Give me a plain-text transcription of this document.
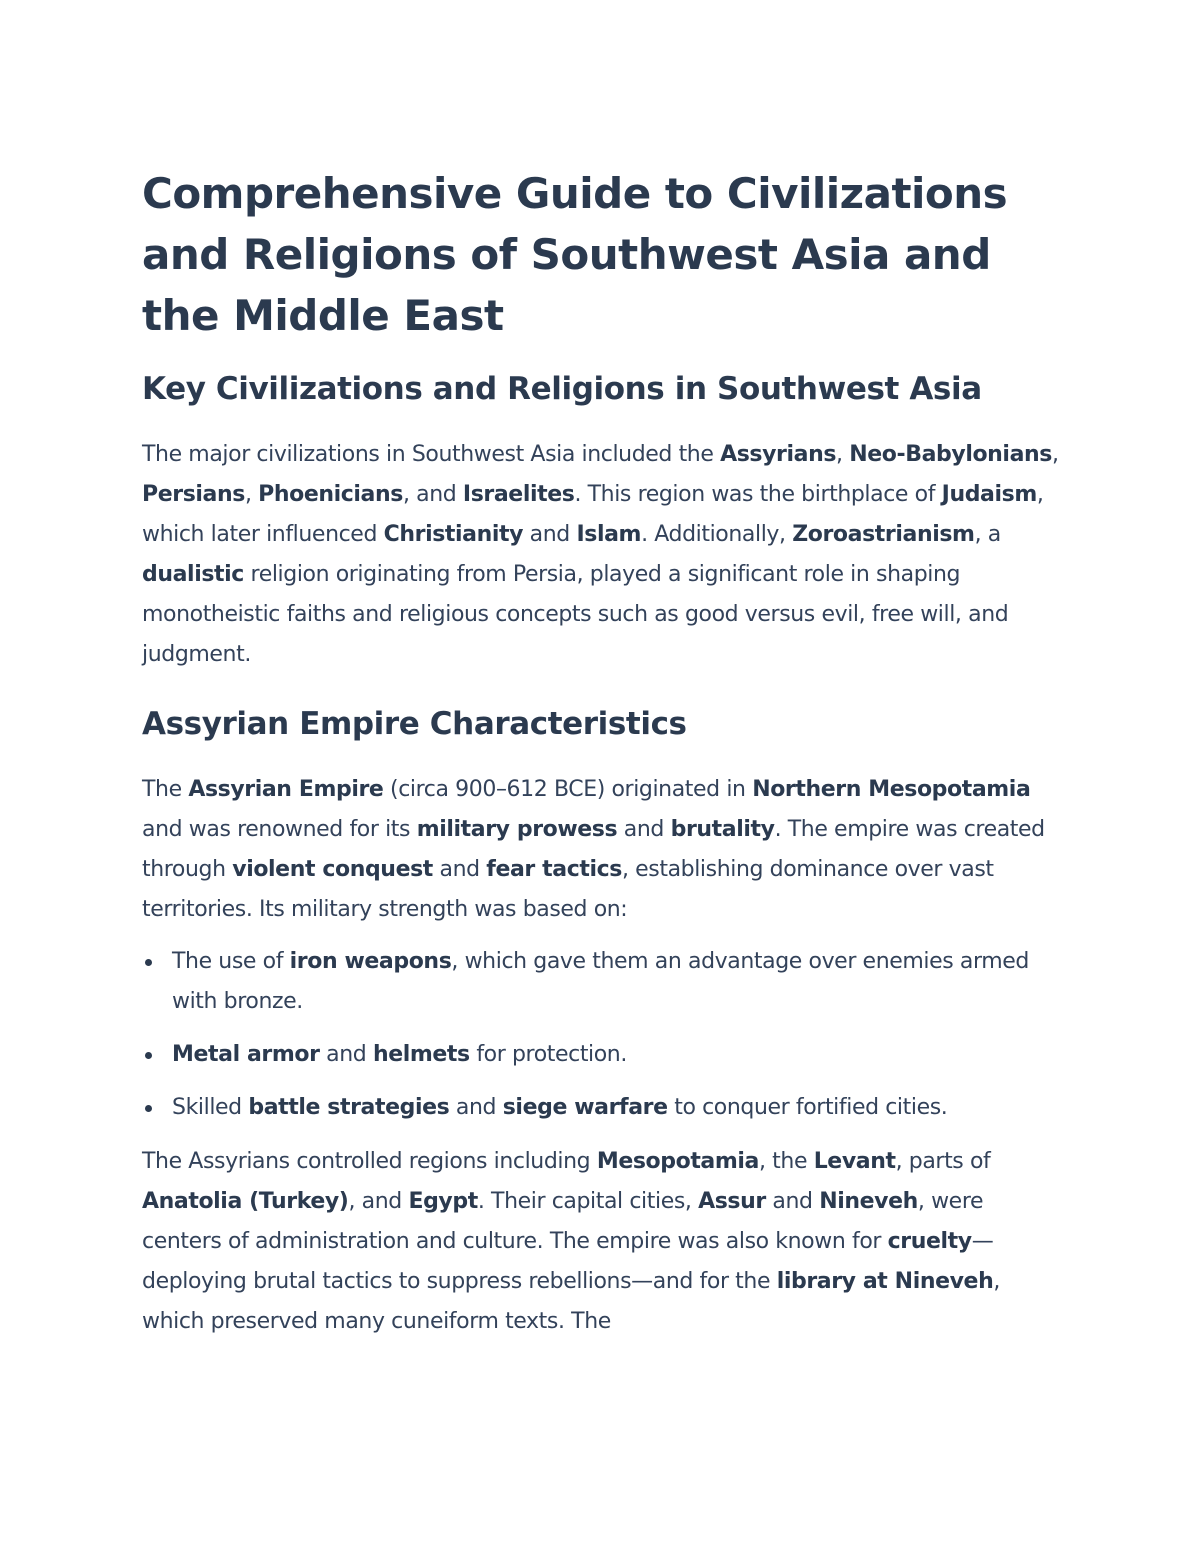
Comprehensive Guide to Civilizations and Religions of Southwest Asia and the Middle East
Key Civilizations and Religions in Southwest Asia

The major civilizations in Southwest Asia included the Assyrians, Neo-Babylonians, Persians, Phoenicians, and Israelites. This region was the birthplace of Judaism, which later influenced Christianity and Islam. Additionally, Zoroastrianism, a dualistic religion originating from Persia, played a significant role in shaping monotheistic faiths and religious concepts such as good versus evil, free will, and judgment.

Assyrian Empire Characteristics

The Assyrian Empire (circa 900–612 BCE) originated in Northern Mesopotamia and was renowned for its military prowess and brutality. The empire was created through violent conquest and fear tactics, establishing dominance over vast territories. Its military strength was based on:

The use of iron weapons, which gave them an advantage over enemies armed with bronze.
Metal armor and helmets for protection.
Skilled battle strategies and siege warfare to conquer fortified cities.

The Assyrians controlled regions including Mesopotamia, the Levant, parts of Anatolia (Turkey), and Egypt. Their capital cities, Assur and Nineveh, were centers of administration and culture. The empire was also known for cruelty—deploying brutal tactics to suppress rebellions—and for the library at Nineveh, which preserved many cuneiform texts. The
